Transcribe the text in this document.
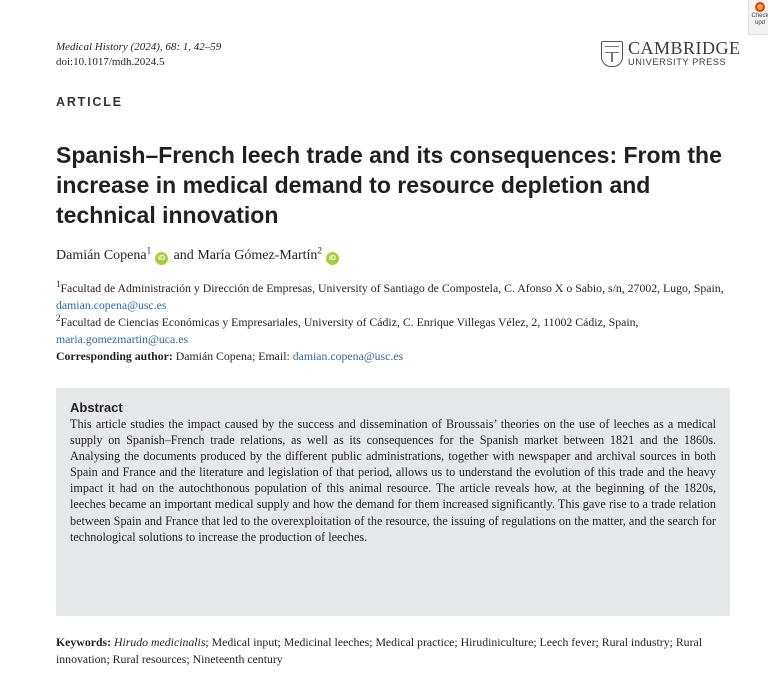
Medical History (2024), 68: 1, 42–59
doi:10.1017/mdh.2024.5
CAMBRIDGE
UNIVERSITY PRESS
Check
upd
ARTICLE
Spanish–French leech trade and its consequences: From the increase in medical demand to resource depletion and technical innovation
Damián Copena$^1$iD and María Gómez-Martín$^2$iD

$^1$Facultad de Administración y Dirección de Empresas, University of Santiago de Compostela, C. Afonso X o Sabio, s/n, 27002, Lugo, Spain, damian.copena@usc.es

$^2$Facultad de Ciencias Económicas y Empresariales, University of Cádiz, C. Enrique Villegas Vélez, 2, 11002 Cádiz, Spain, maria.gomezmartin@uca.es

Corresponding author: Damián Copena; Email: damian.copena@usc.es

Abstract
This article studies the impact caused by the success and dissemination of Broussais’ theories on the use of leeches as a medical supply on Spanish–French trade relations, as well as its consequences for the Spanish market between 1821 and the 1860s. Analysing the documents produced by the different public administrations, together with newspaper and archival sources in both Spain and France and the literature and legislation of that period, allows us to understand the evolution of this trade and the heavy impact it had on the autochthonous population of this animal resource. The article reveals how, at the beginning of the 1820s, leeches became an important medical supply and how the demand for them increased significantly. This gave rise to a trade relation between Spain and France that led to the overexploitation of the resource, the issuing of regulations on the matter, and the search for technological solutions to increase the production of leeches.
Keywords: Hirudo medicinalis; Medical input; Medicinal leeches; Medical practice; Hirudiniculture; Leech fever; Rural industry; Rural innovation; Rural resources; Nineteenth century
